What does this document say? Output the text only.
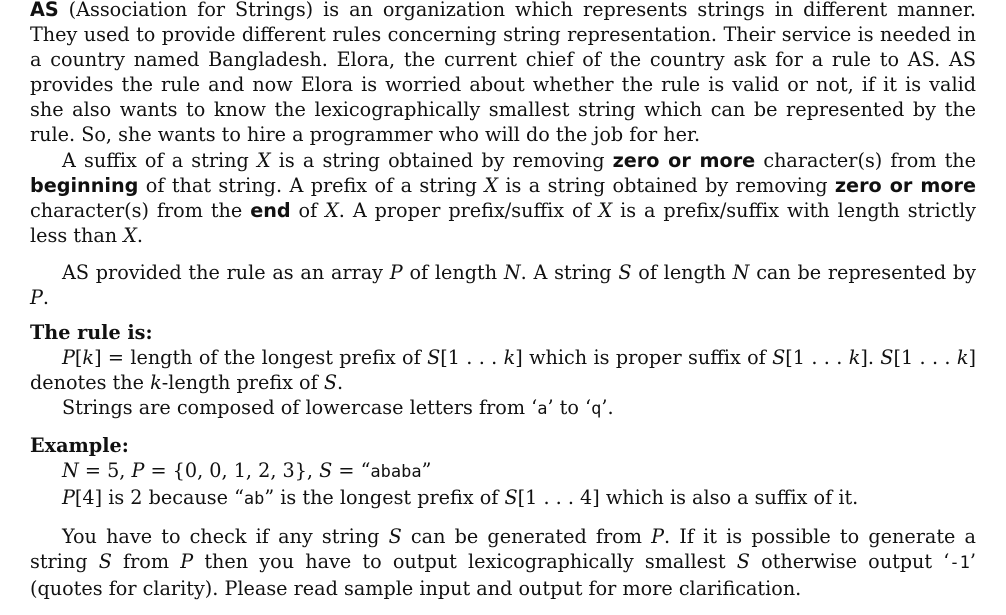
AS (Association for Strings) is an organization which represents strings in different manner. They used to provide different rules concerning string representation. Their service is needed in a country named Bangladesh. Elora, the current chief of the country ask for a rule to AS. AS provides the rule and now Elora is worried about whether the rule is valid or not, if it is valid she also wants to know the lexicographically smallest string which can be represented by the rule. So, she wants to hire a programmer who will do the job for her.

A suffix of a string X is a string obtained by removing zero or more character(s) from the beginning of that string. A prefix of a string X is a string obtained by removing zero or more character(s) from the end of X. A proper prefix/suffix of X is a prefix/suffix with length strictly less than X.

AS provided the rule as an array P of length N. A string S of length N can be represented by P.

The rule is:

P[k] = length of the longest prefix of S[1 . . . k] which is proper suffix of S[1 . . . k]. S[1 . . . k] denotes the k-length prefix of S.

Strings are composed of lowercase letters from ‘a’ to ‘q’.

Example:

N = 5, P = {0, 0, 1, 2, 3}, S = “ababa”

P[4] is 2 because “ab” is the longest prefix of S[1 . . . 4] which is also a suffix of it.

You have to check if any string S can be generated from P. If it is possible to generate a string S from P then you have to output lexicographically smallest S otherwise output ‘-1’ (quotes for clarity). Please read sample input and output for more clarification.
